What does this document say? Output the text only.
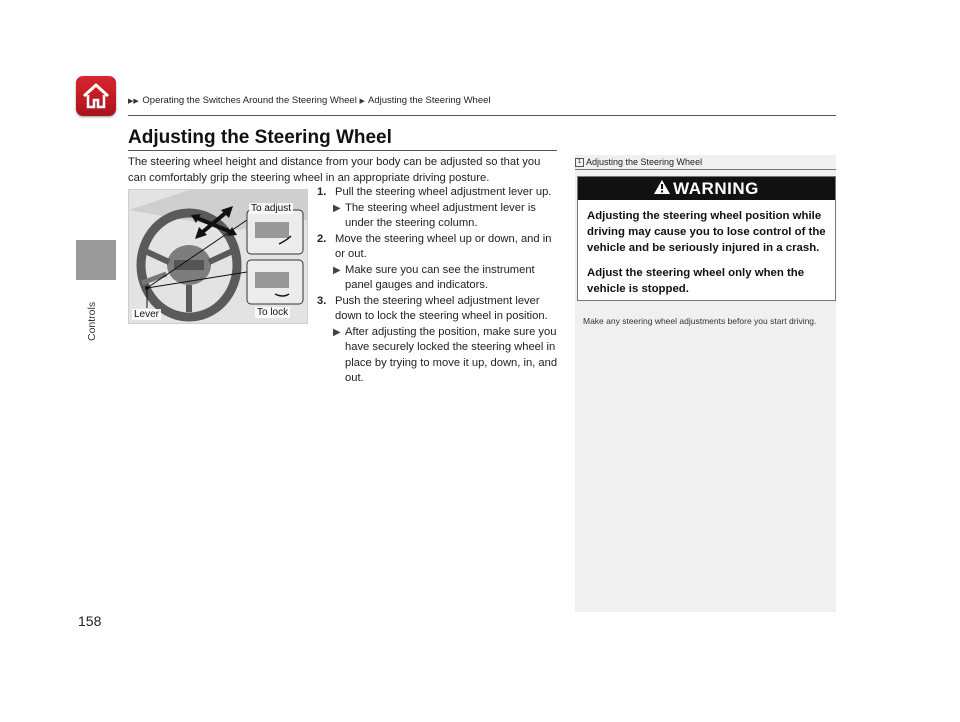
▶▶ Operating the Switches Around the Steering Wheel ▶ Adjusting the Steering Wheel
Controls
Adjusting the Steering Wheel

The steering wheel height and distance from your body can be adjusted so that you can comfortably grip the steering wheel in an appropriate driving posture.

To adjust
To lock
Lever
1. Pull the steering wheel adjustment lever up.
▶ The steering wheel adjustment lever is under the steering column.
2. Move the steering wheel up or down, and in or out.
▶ Make sure you can see the instrument panel gauges and indicators.
3. Push the steering wheel adjustment lever down to lock the steering wheel in position.
▶ After adjusting the position, make sure you have securely locked the steering wheel in place by trying to move it up, down, in, and out.
1 Adjusting the Steering Wheel
WARNING

Adjusting the steering wheel position while driving may cause you to lose control of the vehicle and be seriously injured in a crash.

Adjust the steering wheel only when the vehicle is stopped.

Make any steering wheel adjustments before you start driving.

158
